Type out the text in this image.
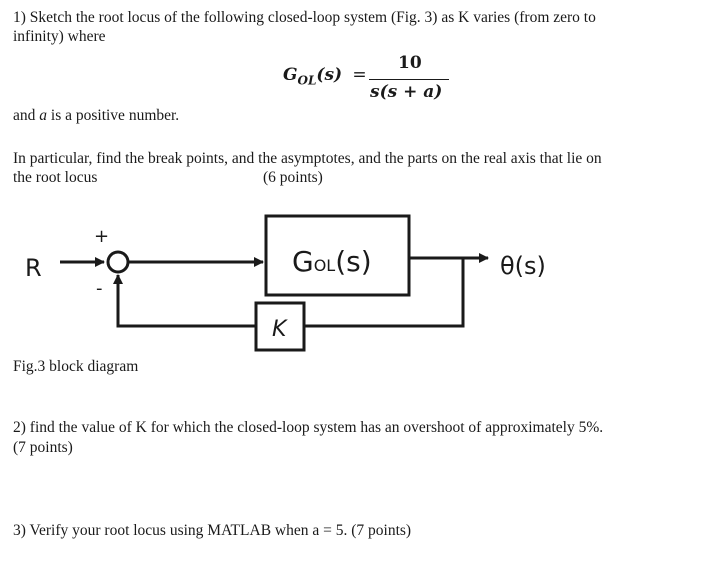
1) Sketch the root locus of the following closed-loop system (Fig. 3) as K varies (from zero to
infinity) where
$G_{OL}(s)$ =
10
s(s + a)
and a is a positive number.
In particular, find the break points, and the asymptotes, and the parts on the real axis that lie on
the root locus	(6 points)
R
+
-
GOL(s)	θ(s)
K
Fig.3 block diagram
2) find the value of K for which the closed-loop system has an overshoot of approximately 5%.
(7 points)
3) Verify your root locus using MATLAB when a = 5. (7 points)
